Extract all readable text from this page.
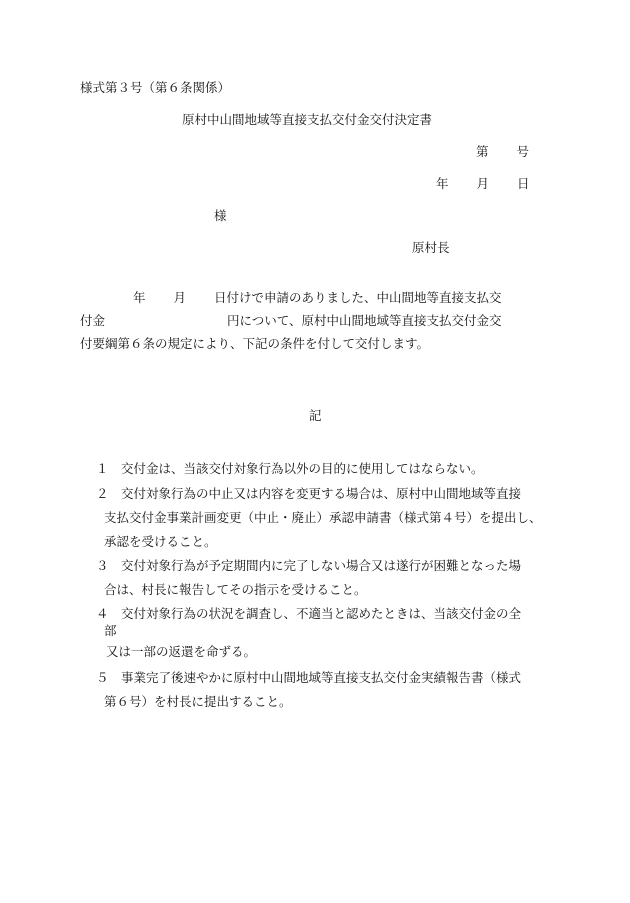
様式第３号（第６条関係）
原村中山間地域等直接支払交付金交付決定書
第 号
年 月 日
様
原村長
年 月 日付けで申請のありました、中山間地等直接支払交
付金	円について、原村中山間地域等直接支払交付金交
付要綱第６条の規定により、下記の条件を付して交付します。
記
１ 交付金は、当該交付対象行為以外の目的に使用してはならない。
２ 交付対象行為の中止又は内容を変更する場合は、原村中山間地域等直接
支払交付金事業計画変更（中止・廃止）承認申請書（様式第４号）を提出し、
承認を受けること。
３ 交付対象行為が予定期間内に完了しない場合又は遂行が困難となった場
合は、村長に報告してその指示を受けること。
４ 交付対象行為の状況を調査し、不適当と認めたときは、当該交付金の全
部
又は一部の返還を命ずる。
５ 事業完了後速やかに原村中山間地域等直接支払交付金実績報告書（様式
第６号）を村長に提出すること。
